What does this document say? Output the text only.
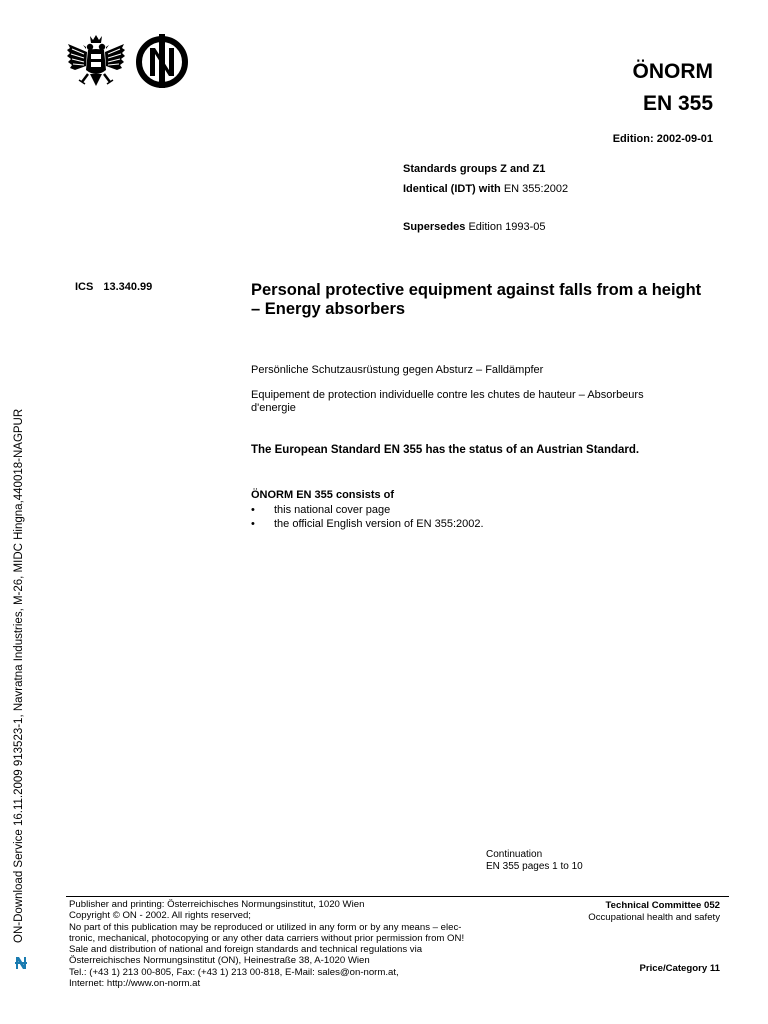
ÖNORM
EN 355
Edition: 2002-09-01
Standards groups Z and Z1
Identical (IDT) with EN 355:2002
Supersedes Edition 1993-05
ICS 13.340.99	Personal protective equipment against falls from a height – Energy absorbers
Persönliche Schutzausrüstung gegen Absturz – Falldämpfer
Equipement de protection individuelle contre les chutes de hauteur – Absorbeurs d'energie
The European Standard EN 355 has the status of an Austrian Standard.
ÖNORM EN 355 consists of
• this national cover page
• the official English version of EN 355:2002.
Continuation
EN 355 pages 1 to 10
Publisher and printing: Österreichisches Normungsinstitut, 1020 Wien
Copyright © ON - 2002. All rights reserved;
No part of this publication may be reproduced or utilized in any form or by any means – elec-
tronic, mechanical, photocopying or any other data carriers without prior permission from ON!
Sale and distribution of national and foreign standards and technical regulations via
Österreichisches Normungsinstitut (ON), Heinestraße 38, A-1020 Wien
Tel.: (+43 1) 213 00-805, Fax: (+43 1) 213 00-818, E-Mail: sales@on-norm.at,
Internet: http://www.on-norm.at
Technical Committee 052
Occupational health and safety
Price/Category 11
ON-Download Service 16.11.2009 913523-1, Navratna Industries, M-26, MIDC Hingna,440018-NAGPUR
